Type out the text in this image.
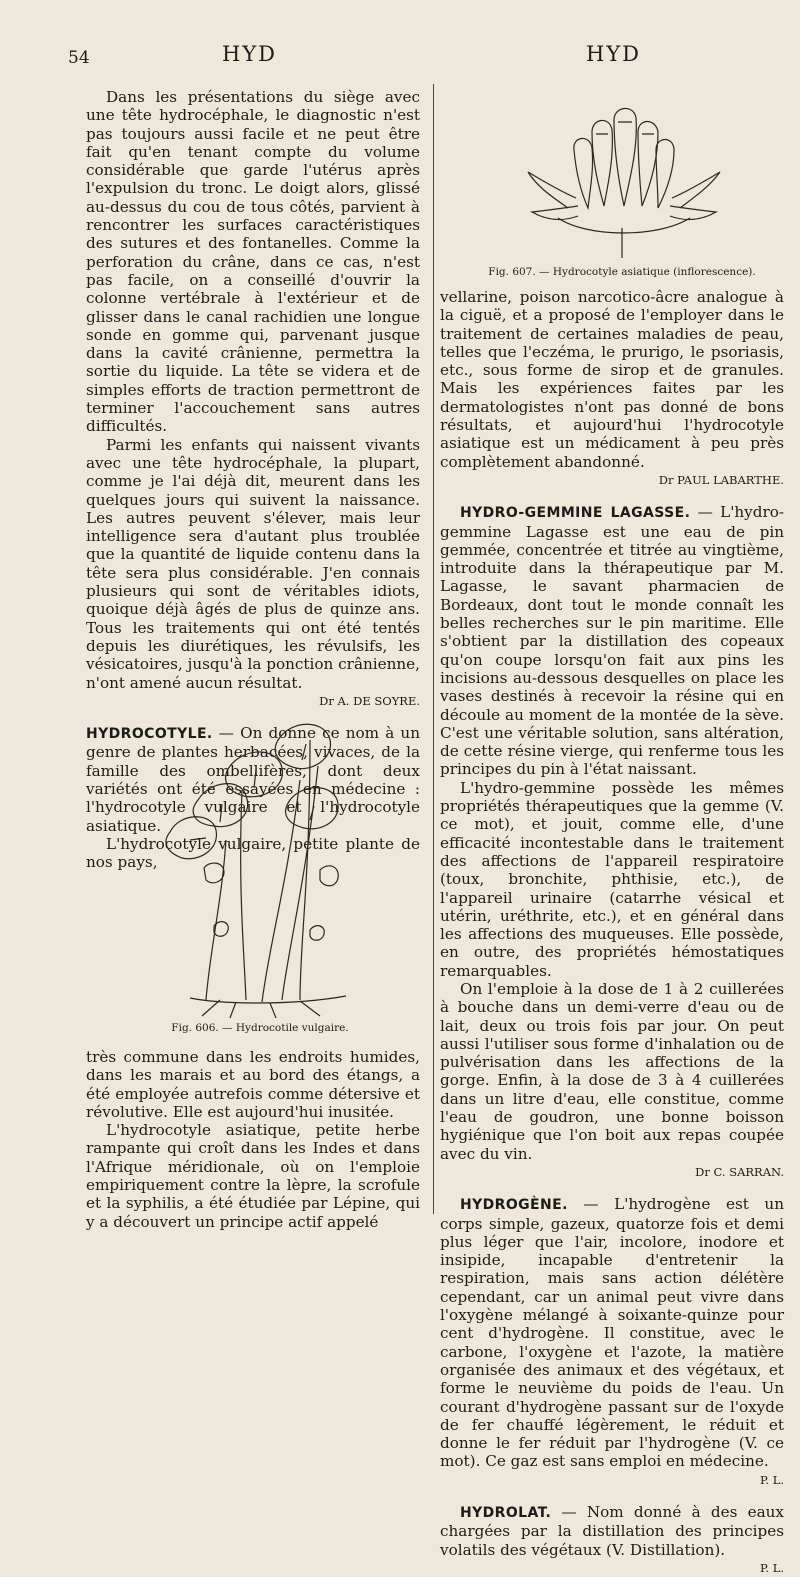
54	HYD	HYD

Dans les présentations du siège avec une tête hydrocéphale, le diagnostic n'est pas toujours aussi facile et ne peut être fait qu'en tenant compte du volume considérable que garde l'utérus après l'expulsion du tronc. Le doigt alors, glissé au-dessus du cou de tous côtés, parvient à rencontrer les surfaces caractéristiques des sutures et des fontanelles. Comme la perforation du crâne, dans ce cas, n'est pas facile, on a conseillé d'ouvrir la colonne vertébrale à l'extérieur et de glisser dans le canal rachidien une longue sonde en gomme qui, parvenant jusque dans la cavité crânienne, permettra la sortie du liquide. La tête se videra et de simples efforts de traction permettront de terminer l'accouchement sans autres difficultés.

Parmi les enfants qui naissent vivants avec une tête hydrocéphale, la plupart, comme je l'ai déjà dit, meurent dans les quelques jours qui suivent la naissance. Les autres peuvent s'élever, mais leur intelligence sera d'autant plus troublée que la quantité de liquide contenu dans la tête sera plus considérable. J'en connais plusieurs qui sont de véritables idiots, quoique déjà âgés de plus de quinze ans. Tous les traitements qui ont été tentés depuis les diurétiques, les révulsifs, les vésicatoires, jusqu'à la ponction crânienne, n'ont amené aucun résultat.

Dr A. DE SOYRE.

HYDROCOTYLE. — On donne ce nom à un genre de plantes herbacées, vivaces, de la famille des ombellifères, dont deux variétés ont été essayées en médecine : l'hydrocotyle vulgaire et l'hydrocotyle asiatique.

L'hydrocotyle vulgaire, petite plante de nos pays,

Fig. 606. — Hydrocotile vulgaire.

très commune dans les endroits humides, dans les marais et au bord des étangs, a été employée autrefois comme détersive et révolutive. Elle est aujourd'hui inusitée.

L'hydrocotyle asiatique, petite herbe rampante qui croît dans les Indes et dans l'Afrique méridionale, où on l'emploie empiriquement contre la lèpre, la scrofule et la syphilis, a été étudiée par Lépine, qui y a découvert un principe actif appelé

Fig. 607. — Hydrocotyle asiatique (inflorescence).

vellarine, poison narcotico-âcre analogue à la ciguë, et a proposé de l'employer dans le traitement de certaines maladies de peau, telles que l'eczéma, le prurigo, le psoriasis, etc., sous forme de sirop et de granules. Mais les expériences faites par les dermatologistes n'ont pas donné de bons résultats, et aujourd'hui l'hydrocotyle asiatique est un médicament à peu près complètement abandonné.

Dr PAUL LABARTHE.

HYDRO-GEMMINE LAGASSE. — L'hydro-gemmine Lagasse est une eau de pin gemmée, concentrée et titrée au vingtième, introduite dans la thérapeutique par M. Lagasse, le savant pharmacien de Bordeaux, dont tout le monde connaît les belles recherches sur le pin maritime. Elle s'obtient par la distillation des copeaux qu'on coupe lorsqu'on fait aux pins les incisions au-dessous desquelles on place les vases destinés à recevoir la résine qui en découle au moment de la montée de la sève. C'est une véritable solution, sans altération, de cette résine vierge, qui renferme tous les principes du pin à l'état naissant.

L'hydro-gemmine possède les mêmes propriétés thérapeutiques que la gemme (V. ce mot), et jouit, comme elle, d'une efficacité incontestable dans le traitement des affections de l'appareil respiratoire (toux, bronchite, phthisie, etc.), de l'appareil urinaire (catarrhe vésical et utérin, uréthrite, etc.), et en général dans les affections des muqueuses. Elle possède, en outre, des propriétés hémostatiques remarquables.

On l'emploie à la dose de 1 à 2 cuillerées à bouche dans un demi-verre d'eau ou de lait, deux ou trois fois par jour. On peut aussi l'utiliser sous forme d'inhalation ou de pulvérisation dans les affections de la gorge. Enfin, à la dose de 3 à 4 cuillerées dans un litre d'eau, elle constitue, comme l'eau de goudron, une bonne boisson hygiénique que l'on boit aux repas coupée avec du vin.

Dr C. SARRAN.

HYDROGÈNE. — L'hydrogène est un corps simple, gazeux, quatorze fois et demi plus léger que l'air, incolore, inodore et insipide, incapable d'entretenir la respiration, mais sans action délétère cependant, car un animal peut vivre dans l'oxygène mélangé à soixante-quinze pour cent d'hydrogène. Il constitue, avec le carbone, l'oxygène et l'azote, la matière organisée des animaux et des végétaux, et forme le neuvième du poids de l'eau. Un courant d'hydrogène passant sur de l'oxyde de fer chauffé légèrement, le réduit et donne le fer réduit par l'hydrogène (V. ce mot). Ce gaz est sans emploi en médecine.

P. L.

HYDROLAT. — Nom donné à des eaux chargées par la distillation des principes volatils des végétaux (V. Distillation).

P. L.
